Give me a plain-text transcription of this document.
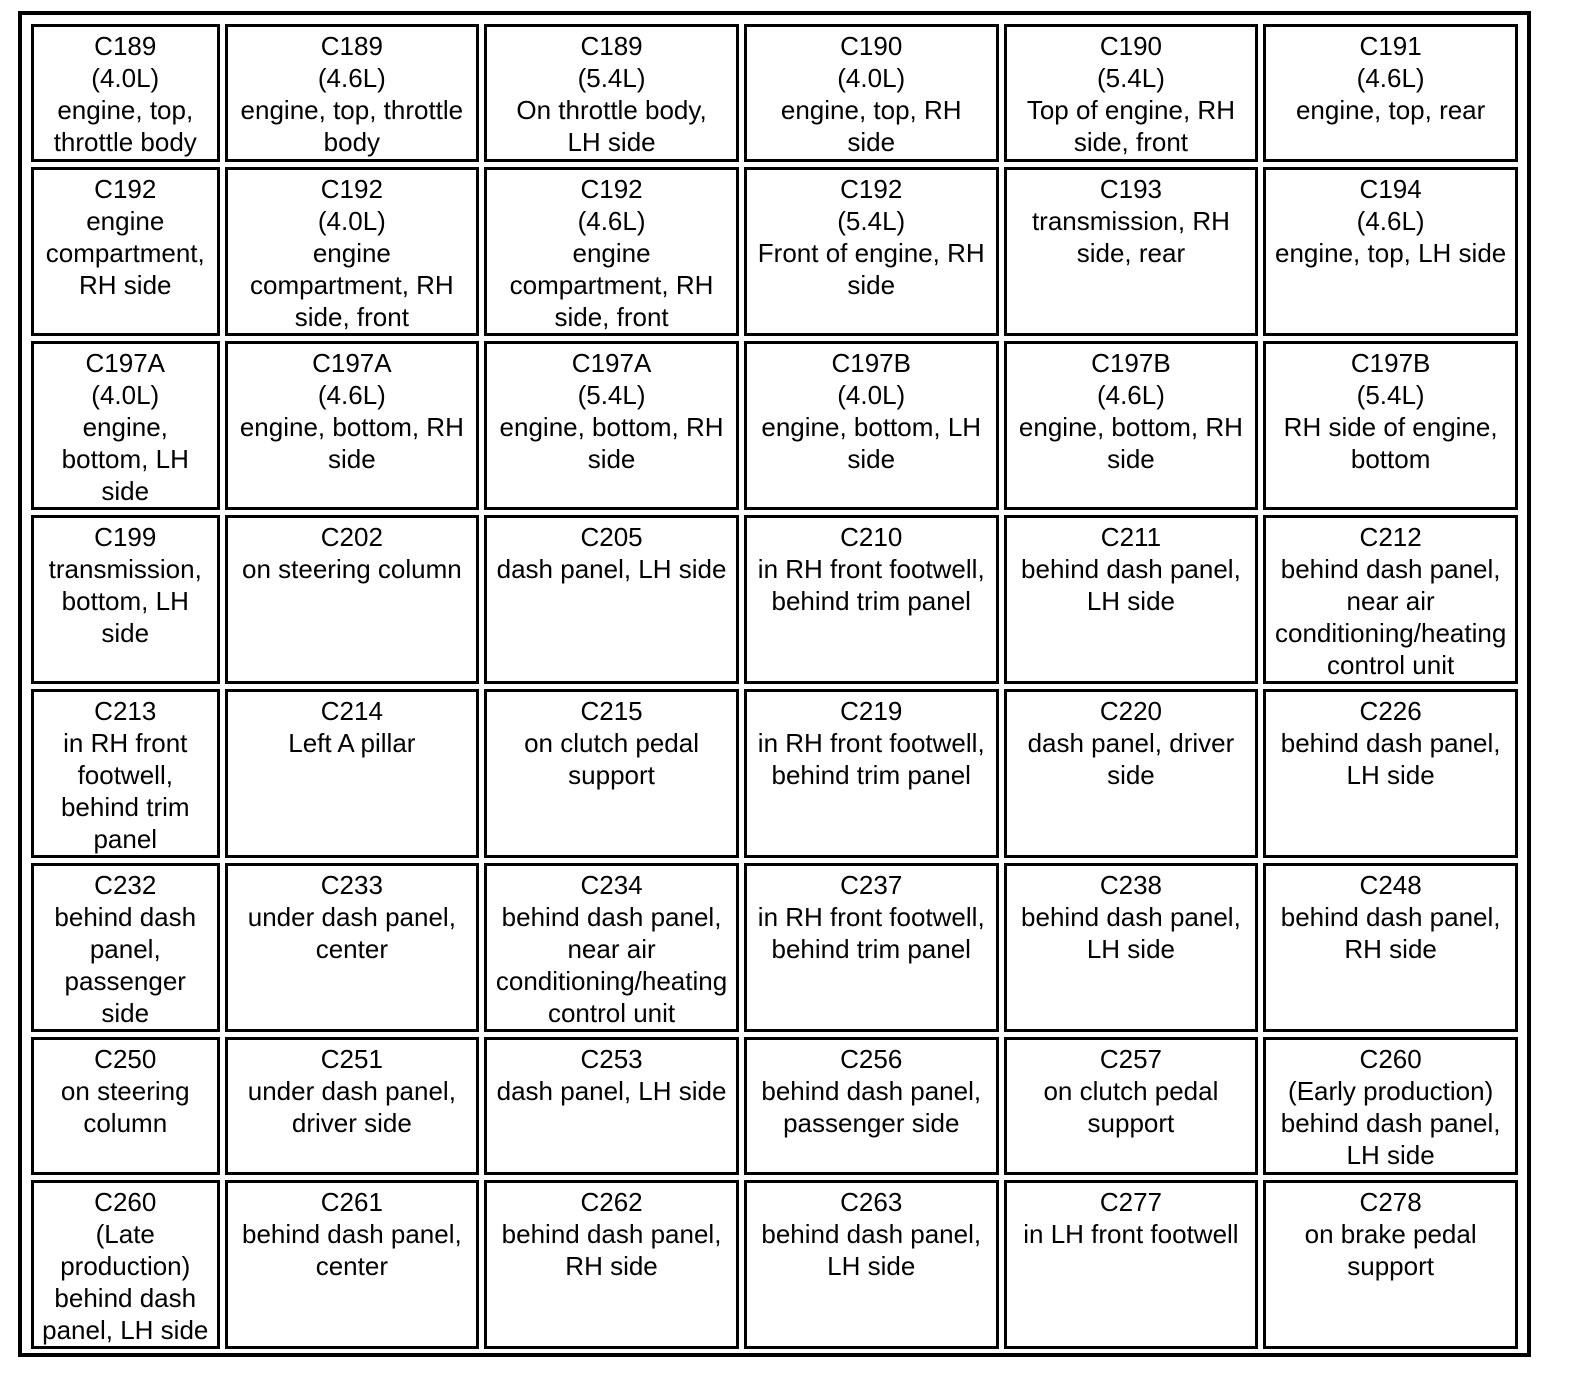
C189
(4.0L)
engine, top,
throttle body	C189
(4.6L)
engine, top, throttle
body	C189
(5.4L)
On throttle body,
LH side	C190
(4.0L)
engine, top, RH
side	C190
(5.4L)
Top of engine, RH
side, front	C191
(4.6L)
engine, top, rear

C192
engine
compartment,
RH side	C192
(4.0L)
engine
compartment, RH
side, front	C192
(4.6L)
engine
compartment, RH
side, front	C192
(5.4L)
Front of engine, RH
side	C193
transmission, RH
side, rear	C194
(4.6L)
engine, top, LH side

C197A
(4.0L)
engine,
bottom, LH
side	C197A
(4.6L)
engine, bottom, RH
side	C197A
(5.4L)
engine, bottom, RH
side	C197B
(4.0L)
engine, bottom, LH
side	C197B
(4.6L)
engine, bottom, RH
side	C197B
(5.4L)
RH side of engine,
bottom

C199
transmission,
bottom, LH
side	C202
on steering column	C205
dash panel, LH side	C210
in RH front footwell,
behind trim panel	C211
behind dash panel,
LH side	C212
behind dash panel,
near air
conditioning/heating
control unit

C213
in RH front
footwell,
behind trim
panel	C214
Left A pillar	C215
on clutch pedal
support	C219
in RH front footwell,
behind trim panel	C220
dash panel, driver
side	C226
behind dash panel,
LH side

C232
behind dash
panel,
passenger
side	C233
under dash panel,
center	C234
behind dash panel,
near air
conditioning/heating
control unit	C237
in RH front footwell,
behind trim panel	C238
behind dash panel,
LH side	C248
behind dash panel,
RH side

C250
on steering
column	C251
under dash panel,
driver side	C253
dash panel, LH side	C256
behind dash panel,
passenger side	C257
on clutch pedal
support	C260
(Early production)
behind dash panel,
LH side

C260
(Late
production)
behind dash
panel, LH side	C261
behind dash panel,
center	C262
behind dash panel,
RH side	C263
behind dash panel,
LH side	C277
in LH front footwell	C278
on brake pedal
support
